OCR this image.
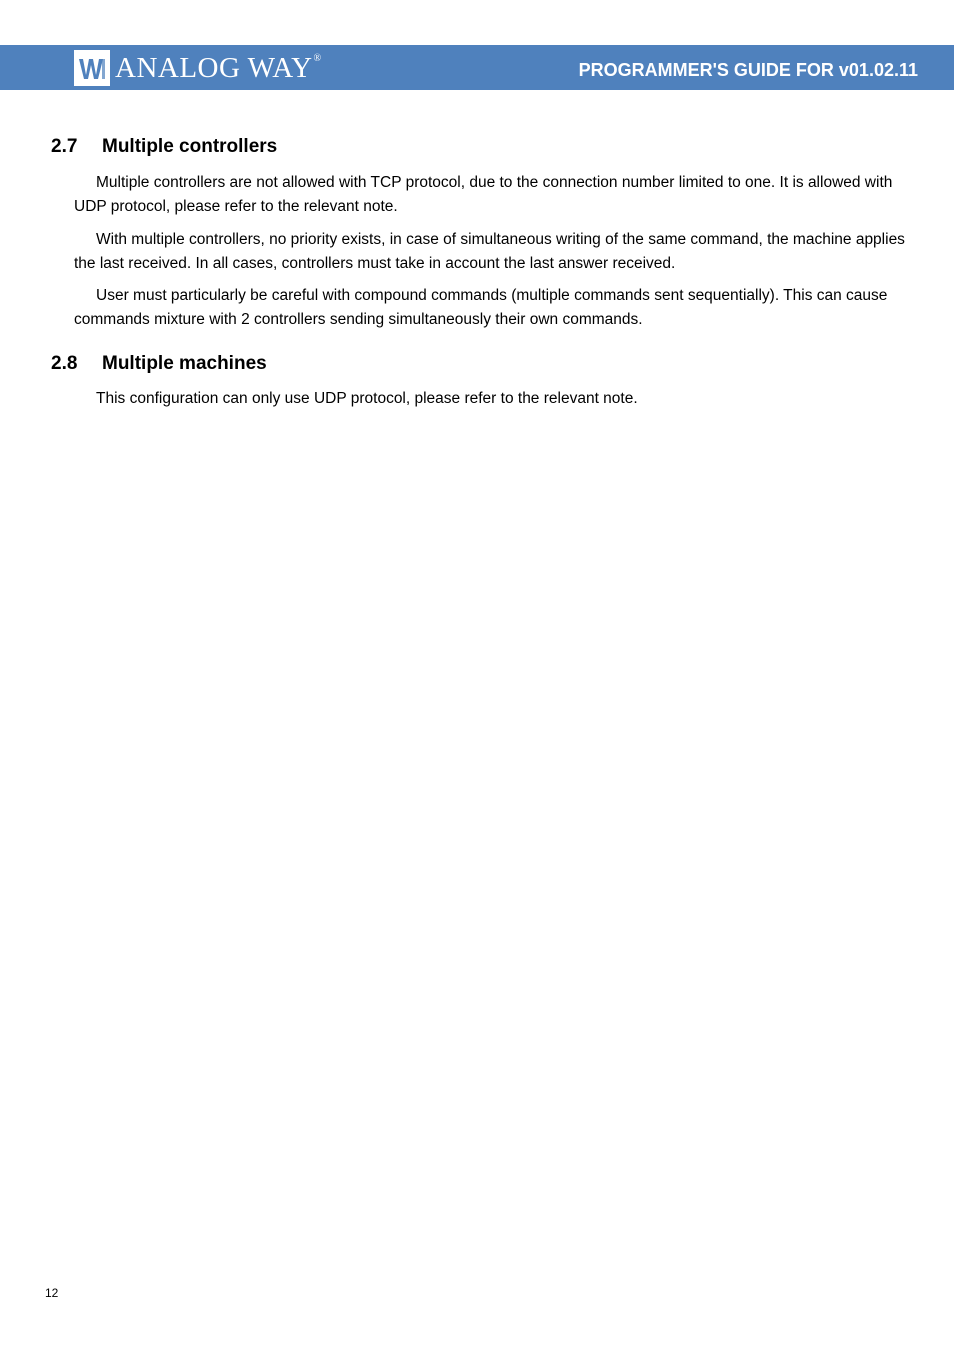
ANALOG WAY ®
PROGRAMMER'S GUIDE FOR v01.02.11
2.7 Multiple controllers

Multiple controllers are not allowed with TCP protocol, due to the connection number limited to one. It is allowed with UDP protocol, please refer to the relevant note.

With multiple controllers, no priority exists, in case of simultaneous writing of the same command, the machine applies the last received. In all cases, controllers must take in account the last answer received.

User must particularly be careful with compound commands (multiple commands sent sequentially). This can cause commands mixture with 2 controllers sending simultaneously their own commands.

2.8 Multiple machines

This configuration can only use UDP protocol, please refer to the relevant note.

12
